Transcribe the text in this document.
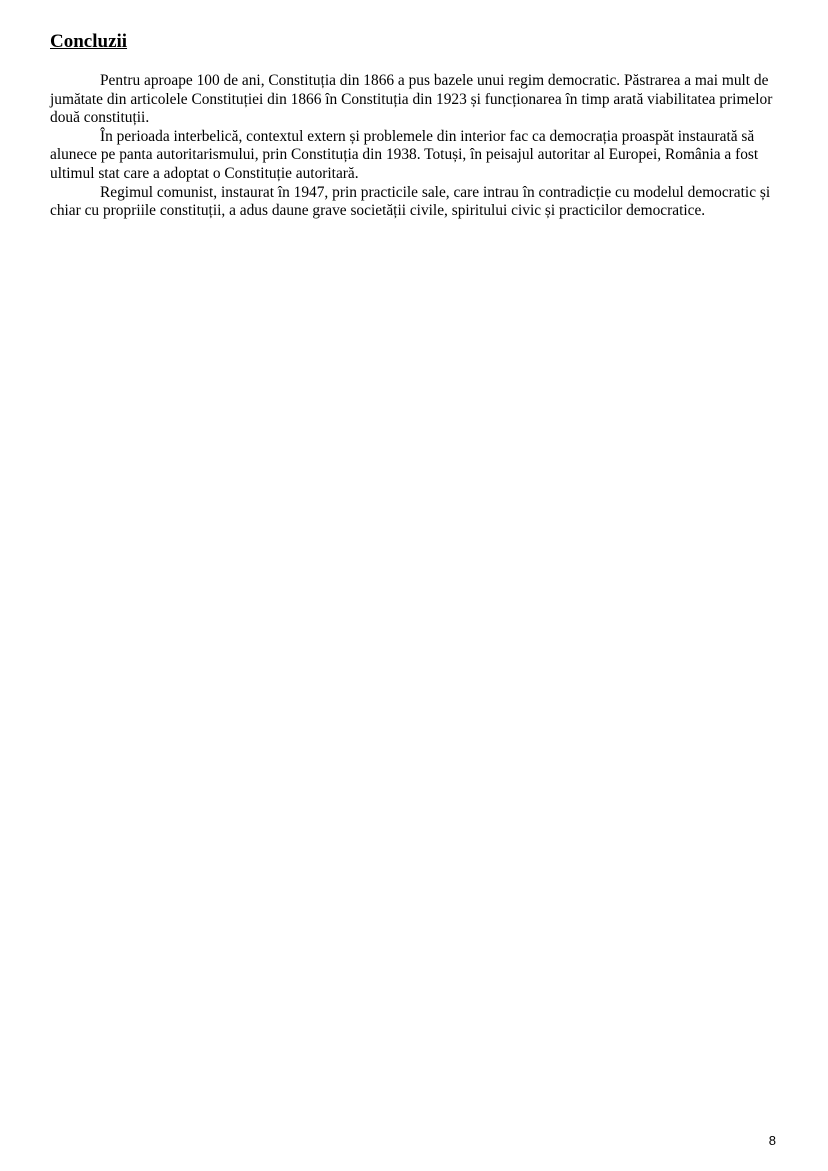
Concluzii

Pentru aproape 100 de ani, Constituția din 1866 a pus bazele unui regim democratic. Păstrarea a mai mult de jumătate din articolele Constituției din 1866 în Constituția din 1923 și funcționarea în timp arată viabilitatea primelor două constituții.

În perioada interbelică, contextul extern și problemele din interior fac ca democrația proaspăt instaurată să alunece pe panta autoritarismului, prin Constituția din 1938. Totuși, în peisajul autoritar al Europei, România a fost ultimul stat care a adoptat o Constituție autoritară.

Regimul comunist, instaurat în 1947, prin practicile sale, care intrau în contradicție cu modelul democratic și chiar cu propriile constituții, a adus daune grave societății civile, spiritului civic și practicilor democratice.

8
